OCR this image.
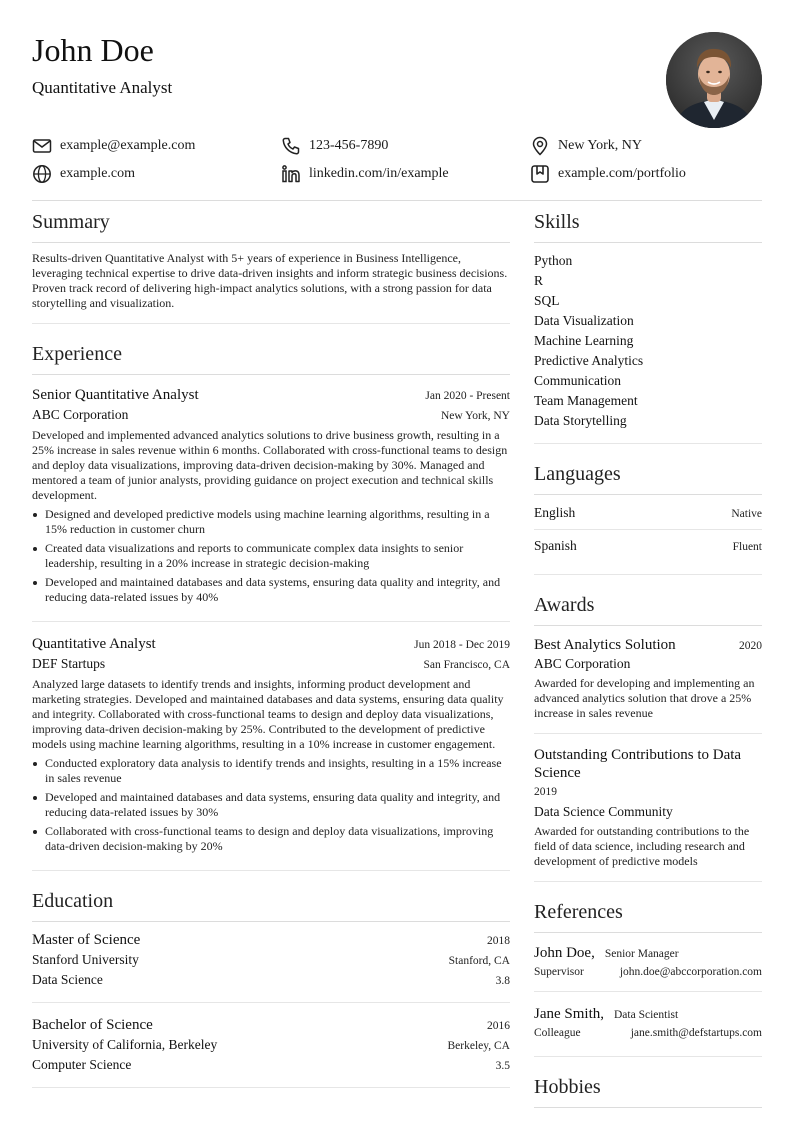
John Doe
Quantitative Analyst
example@example.com	123-456-7890	New York, NY
example.com	linkedin.com/in/example	example.com/portfolio
Summary

Results-driven Quantitative Analyst with 5+ years of experience in Business Intelligence, leveraging technical expertise to drive data-driven insights and inform strategic business decisions. Proven track record of delivering high-impact analytics solutions, with a strong passion for data storytelling and visualization.

Experience
Senior Quantitative Analyst	Jan 2020 - Present
ABC Corporation	New York, NY

Developed and implemented advanced analytics solutions to drive business growth, resulting in a 25% increase in sales revenue within 6 months. Collaborated with cross-functional teams to design and deploy data visualizations, improving data-driven decision-making by 30%. Managed and mentored a team of junior analysts, providing guidance on project execution and technical skills development.

Designed and developed predictive models using machine learning algorithms, resulting in a 15% reduction in customer churn
Created data visualizations and reports to communicate complex data insights to senior leadership, resulting in a 20% increase in strategic decision-making
Developed and maintained databases and data systems, ensuring data quality and integrity, and reducing data-related issues by 40%
Quantitative Analyst	Jun 2018 - Dec 2019
DEF Startups	San Francisco, CA

Analyzed large datasets to identify trends and insights, informing product development and marketing strategies. Developed and maintained databases and data systems, ensuring data quality and integrity. Collaborated with cross-functional teams to design and deploy data visualizations, improving data-driven decision-making by 25%. Contributed to the development of predictive models using machine learning algorithms, resulting in a 10% increase in customer engagement.

Conducted exploratory data analysis to identify trends and insights, resulting in a 15% increase in sales revenue
Developed and maintained databases and data systems, ensuring data quality and integrity, and reducing data-related issues by 30%
Collaborated with cross-functional teams to design and deploy data visualizations, improving data-driven decision-making by 20%
Education
Master of Science	2018
Stanford University	Stanford, CA
Data Science	3.8
Bachelor of Science	2016
University of California, Berkeley	Berkeley, CA
Computer Science	3.5
Skills
Python
R
SQL
Data Visualization
Machine Learning
Predictive Analytics
Communication
Team Management
Data Storytelling
Languages
English	Native
Spanish	Fluent
Awards
Best Analytics Solution	2020
ABC Corporation

Awarded for developing and implementing an advanced analytics solution that drove a 25% increase in sales revenue

Outstanding Contributions to Data Science
2019
Data Science Community

Awarded for outstanding contributions to the field of data science, including research and development of predictive models

References
John Doe, Senior Manager
Supervisor	john.doe@abccorporation.com
Jane Smith, Data Scientist
Colleague	jane.smith@defstartups.com
Hobbies
